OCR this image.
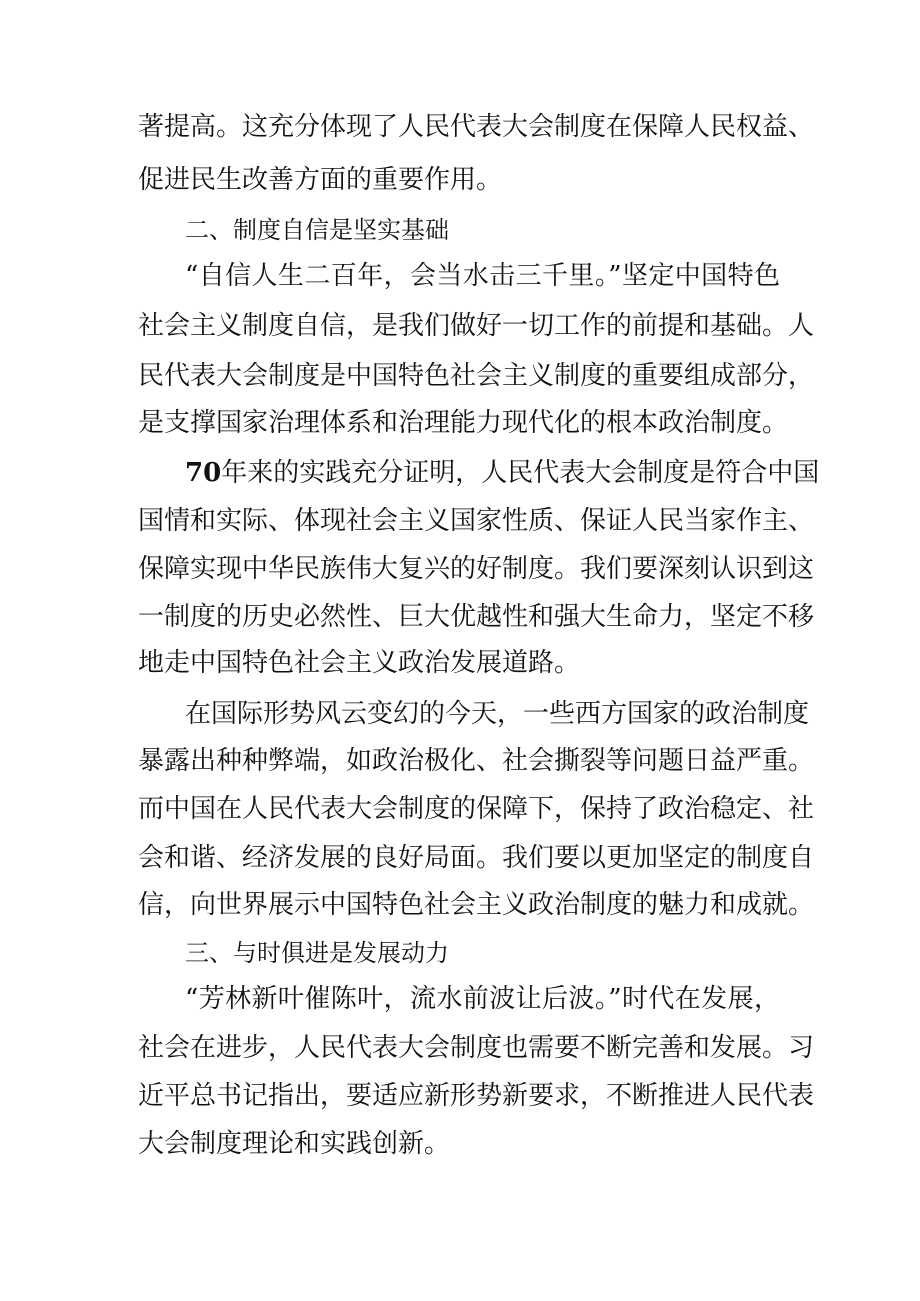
著提高。这充分体现了人民代表大会制度在保障人民权益、
促进民生改善方面的重要作用。
二、制度自信是坚实基础
“自信人生二百年，会当水击三千里。”坚定中国特色
社会主义制度自信，是我们做好一切工作的前提和基础。人
民代表大会制度是中国特色社会主义制度的重要组成部分，
是支撑国家治理体系和治理能力现代化的根本政治制度。
70年来的实践充分证明，人民代表大会制度是符合中国
国情和实际、体现社会主义国家性质、保证人民当家作主、
保障实现中华民族伟大复兴的好制度。我们要深刻认识到这
一制度的历史必然性、巨大优越性和强大生命力，坚定不移
地走中国特色社会主义政治发展道路。
在国际形势风云变幻的今天，一些西方国家的政治制度
暴露出种种弊端，如政治极化、社会撕裂等问题日益严重。
而中国在人民代表大会制度的保障下，保持了政治稳定、社
会和谐、经济发展的良好局面。我们要以更加坚定的制度自
信，向世界展示中国特色社会主义政治制度的魅力和成就。
三、与时俱进是发展动力
“芳林新叶催陈叶，流水前波让后波。”时代在发展，
社会在进步，人民代表大会制度也需要不断完善和发展。习
近平总书记指出，要适应新形势新要求，不断推进人民代表
大会制度理论和实践创新。
